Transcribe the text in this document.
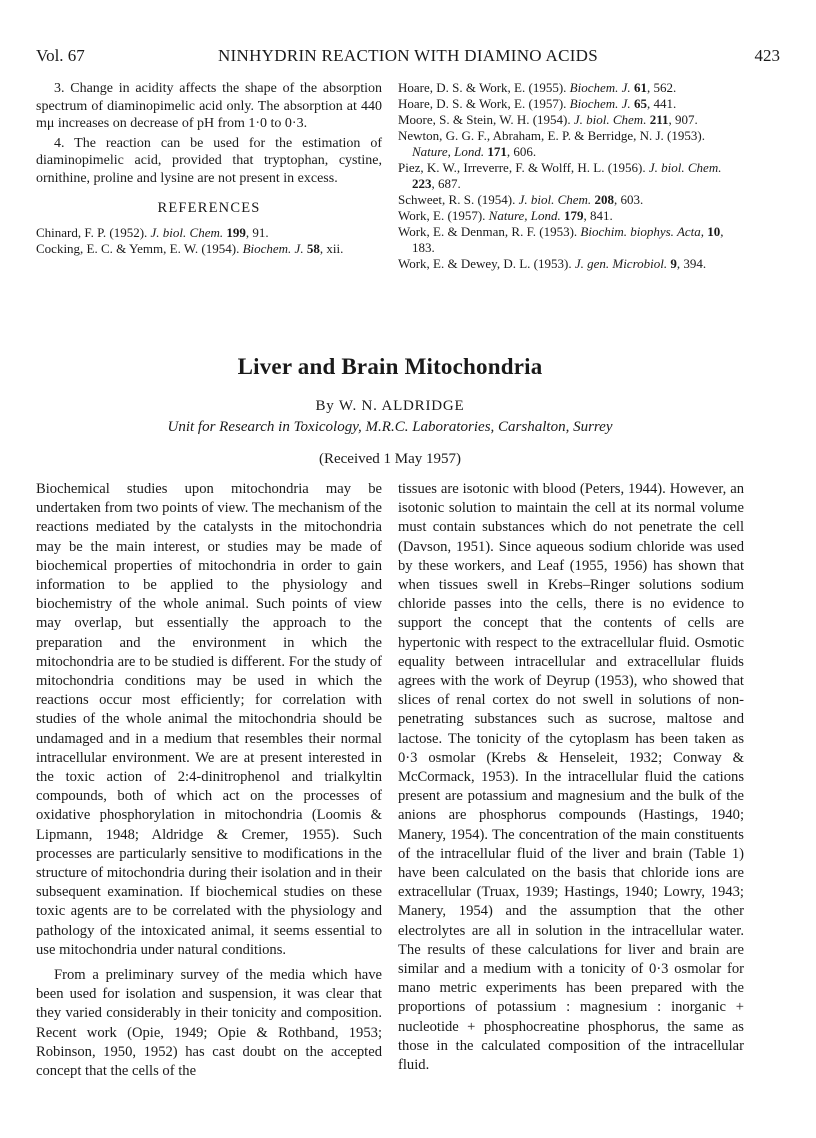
Vol. 67	NINHYDRIN REACTION WITH DIAMINO ACIDS	423

3. Change in acidity affects the shape of the absorption spectrum of diaminopimelic acid only. The absorption at 440 mμ increases on decrease of pH from 1·0 to 0·3.

4. The reaction can be used for the estimation of diaminopimelic acid, provided that tryptophan, cystine, ornithine, proline and lysine are not present in excess.

REFERENCES

Chinard, F. P. (1952). J. biol. Chem. 199, 91.

Cocking, E. C. & Yemm, E. W. (1954). Biochem. J. 58, xii.

Hoare, D. S. & Work, E. (1955). Biochem. J. 61, 562.

Hoare, D. S. & Work, E. (1957). Biochem. J. 65, 441.

Moore, S. & Stein, W. H. (1954). J. biol. Chem. 211, 907.

Newton, G. G. F., Abraham, E. P. & Berridge, N. J. (1953). Nature, Lond. 171, 606.

Piez, K. W., Irreverre, F. & Wolff, H. L. (1956). J. biol. Chem. 223, 687.

Schweet, R. S. (1954). J. biol. Chem. 208, 603.

Work, E. (1957). Nature, Lond. 179, 841.

Work, E. & Denman, R. F. (1953). Biochim. biophys. Acta, 10, 183.

Work, E. & Dewey, D. L. (1953). J. gen. Microbiol. 9, 394.

Liver and Brain Mitochondria
By W. N. ALDRIDGE
Unit for Research in Toxicology, M.R.C. Laboratories, Carshalton, Surrey
(Received 1 May 1957)

Biochemical studies upon mitochondria may be undertaken from two points of view. The mechanism of the reactions mediated by the catalysts in the mitochondria may be the main interest, or studies may be made of biochemical properties of mitochondria in order to gain information to be applied to the physiology and biochemistry of the whole animal. Such points of view may overlap, but essentially the approach to the preparation and the environment in which the mitochondria are to be studied is different. For the study of mitochondria conditions may be used in which the reactions occur most efficiently; for correlation with studies of the whole animal the mitochondria should be undamaged and in a medium that resembles their normal intracellular environment. We are at present interested in the toxic action of 2:4-dinitrophenol and trialkyltin compounds, both of which act on the processes of oxidative phosphorylation in mitochondria (Loomis & Lipmann, 1948; Aldridge & Cremer, 1955). Such processes are particularly sensitive to modifications in the structure of mitochondria during their isolation and in their subsequent examination. If biochemical studies on these toxic agents are to be correlated with the physiology and pathology of the intoxicated animal, it seems essential to use mitochondria under natural conditions.

From a preliminary survey of the media which have been used for isolation and suspension, it was clear that they varied considerably in their tonicity and composition. Recent work (Opie, 1949; Opie & Rothband, 1953; Robinson, 1950, 1952) has cast doubt on the accepted concept that the cells of the

tissues are isotonic with blood (Peters, 1944). However, an isotonic solution to maintain the cell at its normal volume must contain substances which do not penetrate the cell (Davson, 1951). Since aqueous sodium chloride was used by these workers, and Leaf (1955, 1956) has shown that when tissues swell in Krebs–Ringer solutions sodium chloride passes into the cells, there is no evidence to support the concept that the contents of cells are hypertonic with respect to the extracellular fluid. Osmotic equality between intracellular and extracellular fluids agrees with the work of Deyrup (1953), who showed that slices of renal cortex do not swell in solutions of non-penetrating substances such as sucrose, maltose and lactose. The tonicity of the cytoplasm has been taken as 0·3 osmolar (Krebs & Henseleit, 1932; Conway & McCormack, 1953). In the intracellular fluid the cations present are potassium and magnesium and the bulk of the anions are phosphorus compounds (Hastings, 1940; Manery, 1954). The concentration of the main constituents of the intracellular fluid of the liver and brain (Table 1) have been calculated on the basis that chloride ions are extracellular (Truax, 1939; Hastings, 1940; Lowry, 1943; Manery, 1954) and the assumption that the other electrolytes are all in solution in the intracellular water. The results of these calculations for liver and brain are similar and a medium with a tonicity of 0·3 osmolar for mano metric experiments has been prepared with the proportions of potassium : magnesium : inorganic + nucleotide + phosphocreatine phosphorus, the same as those in the calculated composition of the intracellular fluid.
